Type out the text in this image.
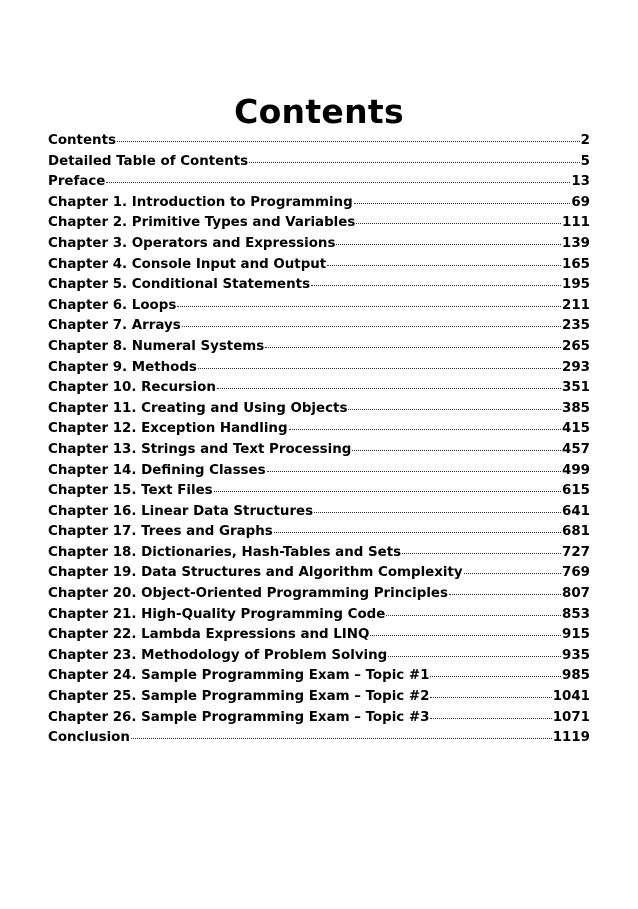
Contents
Contents	2
Detailed Table of Contents	5
Preface	13
Chapter 1. Introduction to Programming	69
Chapter 2. Primitive Types and Variables	111
Chapter 3. Operators and Expressions	139
Chapter 4. Console Input and Output	165
Chapter 5. Conditional Statements	195
Chapter 6. Loops	211
Chapter 7. Arrays	235
Chapter 8. Numeral Systems	265
Chapter 9. Methods	293
Chapter 10. Recursion	351
Chapter 11. Creating and Using Objects	385
Chapter 12. Exception Handling	415
Chapter 13. Strings and Text Processing	457
Chapter 14. Defining Classes	499
Chapter 15. Text Files	615
Chapter 16. Linear Data Structures	641
Chapter 17. Trees and Graphs	681
Chapter 18. Dictionaries, Hash-Tables and Sets	727
Chapter 19. Data Structures and Algorithm Complexity	769
Chapter 20. Object-Oriented Programming Principles	807
Chapter 21. High-Quality Programming Code	853
Chapter 22. Lambda Expressions and LINQ	915
Chapter 23. Methodology of Problem Solving	935
Chapter 24. Sample Programming Exam – Topic #1	985
Chapter 25. Sample Programming Exam – Topic #2	1041
Chapter 26. Sample Programming Exam – Topic #3	1071
Conclusion	1119
